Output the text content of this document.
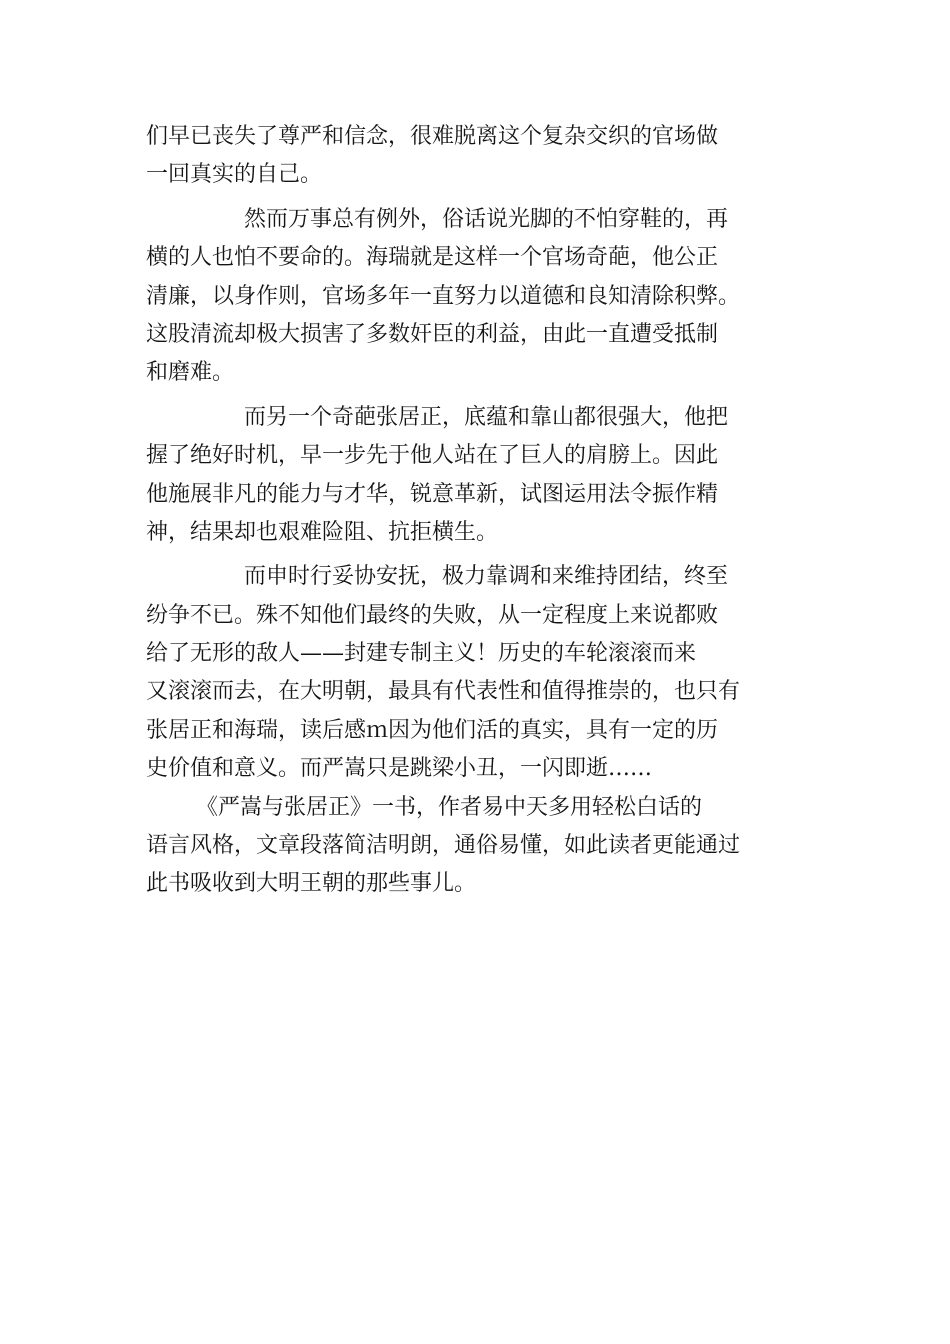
们早已丧失了尊严和信念，很难脱离这个复杂交织的官场做
一回真实的自己。
然而万事总有例外，俗话说光脚的不怕穿鞋的，再
横的人也怕不要命的。海瑞就是这样一个官场奇葩，他公正
清廉，以身作则，官场多年一直努力以道德和良知清除积弊。
这股清流却极大损害了多数奸臣的利益，由此一直遭受抵制
和磨难。
而另一个奇葩张居正，底蕴和靠山都很强大，他把
握了绝好时机，早一步先于他人站在了巨人的肩膀上。因此
他施展非凡的能力与才华，锐意革新，试图运用法令振作精
神，结果却也艰难险阻、抗拒横生。
而申时行妥协安抚，极力靠调和来维持团结，终至
纷争不已。殊不知他们最终的失败，从一定程度上来说都败
给了无形的敌人——封建专制主义！历史的车轮滚滚而来
又滚滚而去，在大明朝，最具有代表性和值得推崇的，也只有
张居正和海瑞，读后感ｍ因为他们活的真实，具有一定的历
史价值和意义。而严嵩只是跳梁小丑，一闪即逝……
《严嵩与张居正》一书，作者易中天多用轻松白话的
语言风格，文章段落简洁明朗，通俗易懂，如此读者更能通过
此书吸收到大明王朝的那些事儿。
